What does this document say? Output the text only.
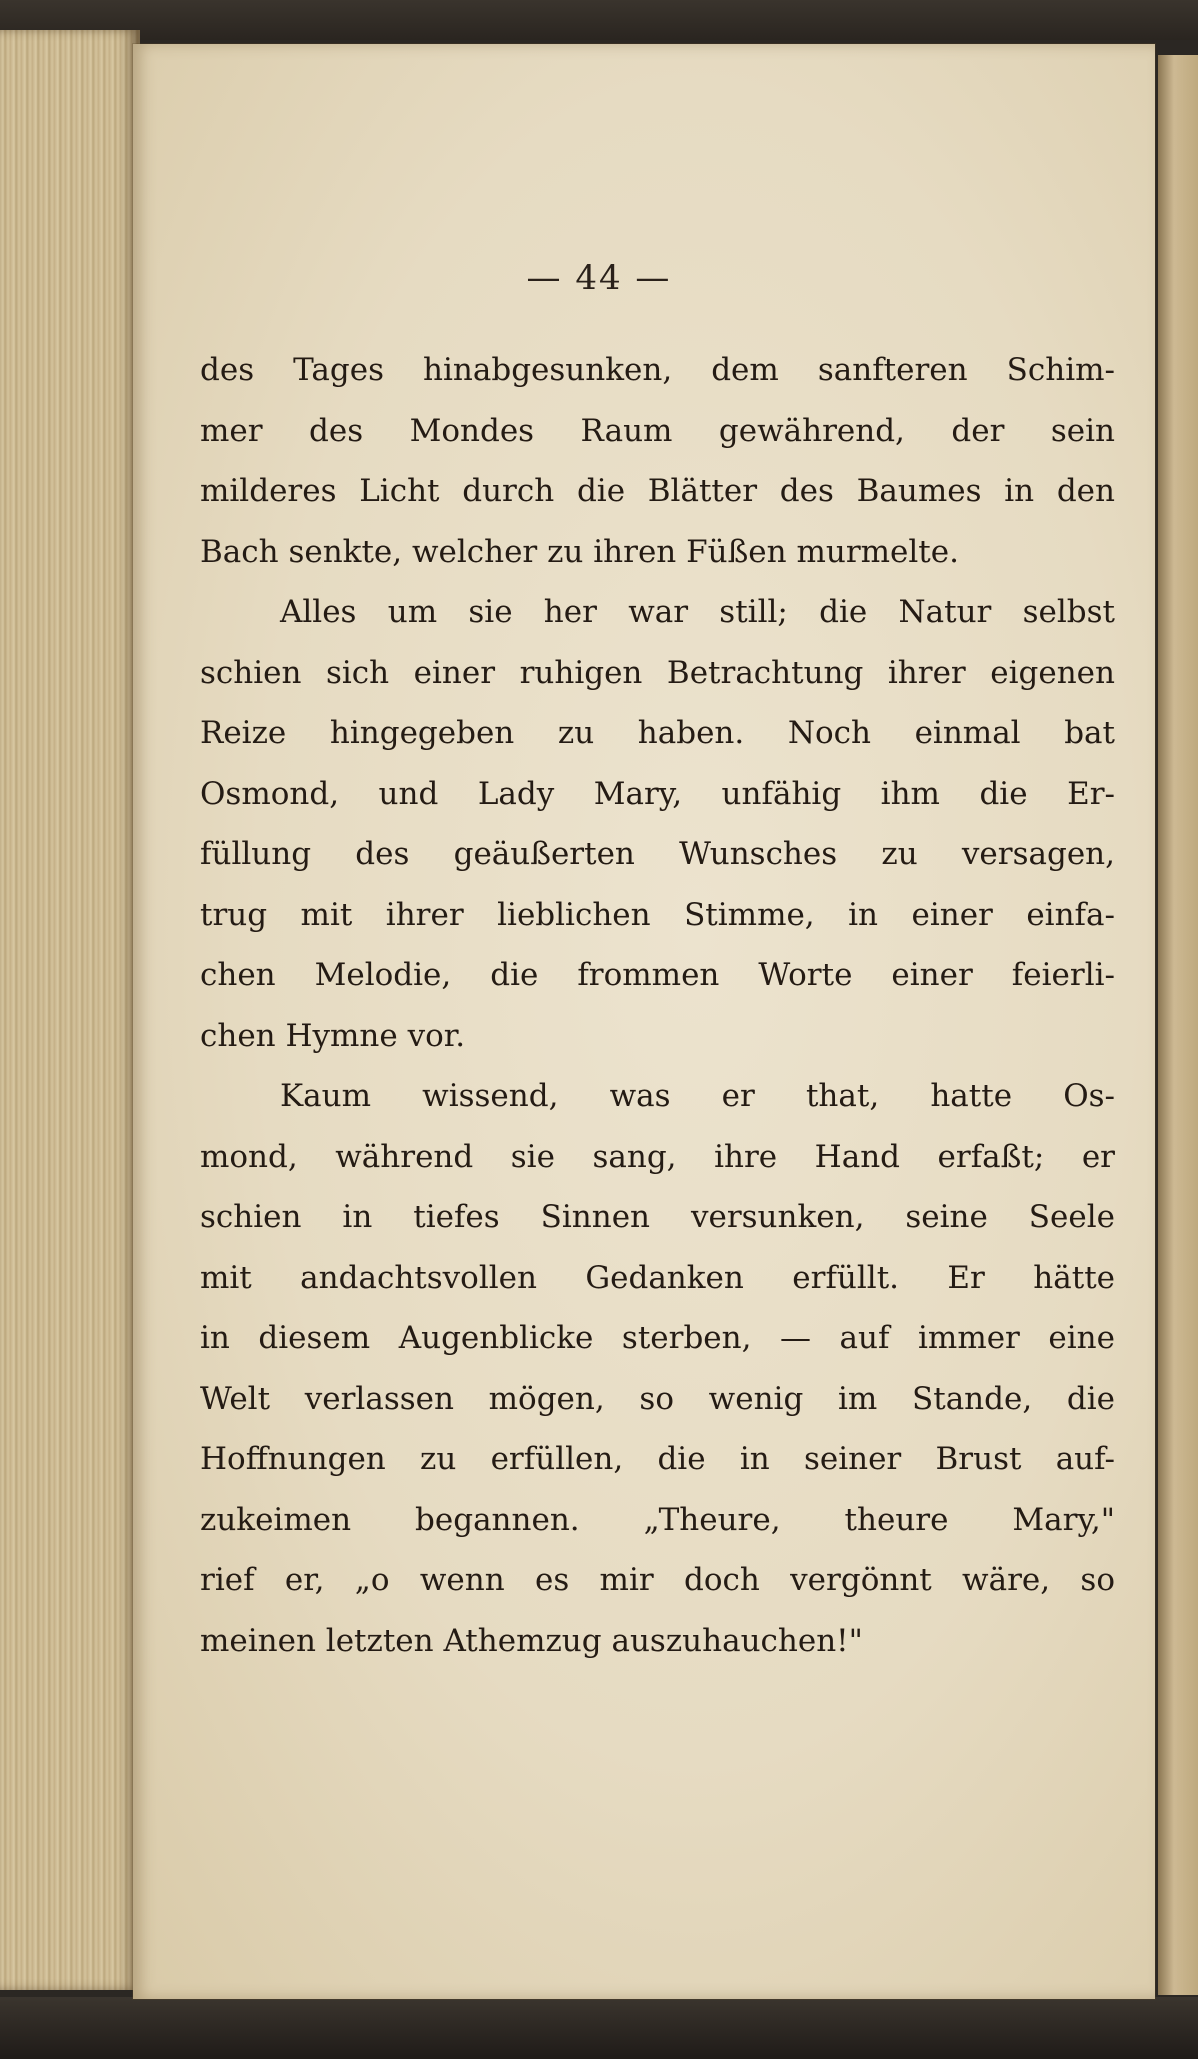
— 44 —
des Tages hinabgesunken, dem sanfteren Schim-
mer des Mondes Raum gewährend, der sein
milderes Licht durch die Blätter des Baumes in den
Bach senkte, welcher zu ihren Füßen murmelte.
Alles um sie her war still; die Natur selbst
schien sich einer ruhigen Betrachtung ihrer eigenen
Reize hingegeben zu haben. Noch einmal bat
Osmond, und Lady Mary, unfähig ihm die Er-
füllung des geäußerten Wunsches zu versagen,
trug mit ihrer lieblichen Stimme, in einer einfa-
chen Melodie, die frommen Worte einer feierli-
chen Hymne vor.
Kaum wissend, was er that, hatte Os-
mond, während sie sang, ihre Hand erfaßt; er
schien in tiefes Sinnen versunken, seine Seele
mit andachtsvollen Gedanken erfüllt. Er hätte
in diesem Augenblicke sterben, — auf immer eine
Welt verlassen mögen, so wenig im Stande, die
Hoffnungen zu erfüllen, die in seiner Brust auf-
zukeimen begannen. „Theure, theure Mary,"
rief er, „o wenn es mir doch vergönnt wäre, so
meinen letzten Athemzug auszuhauchen!"
